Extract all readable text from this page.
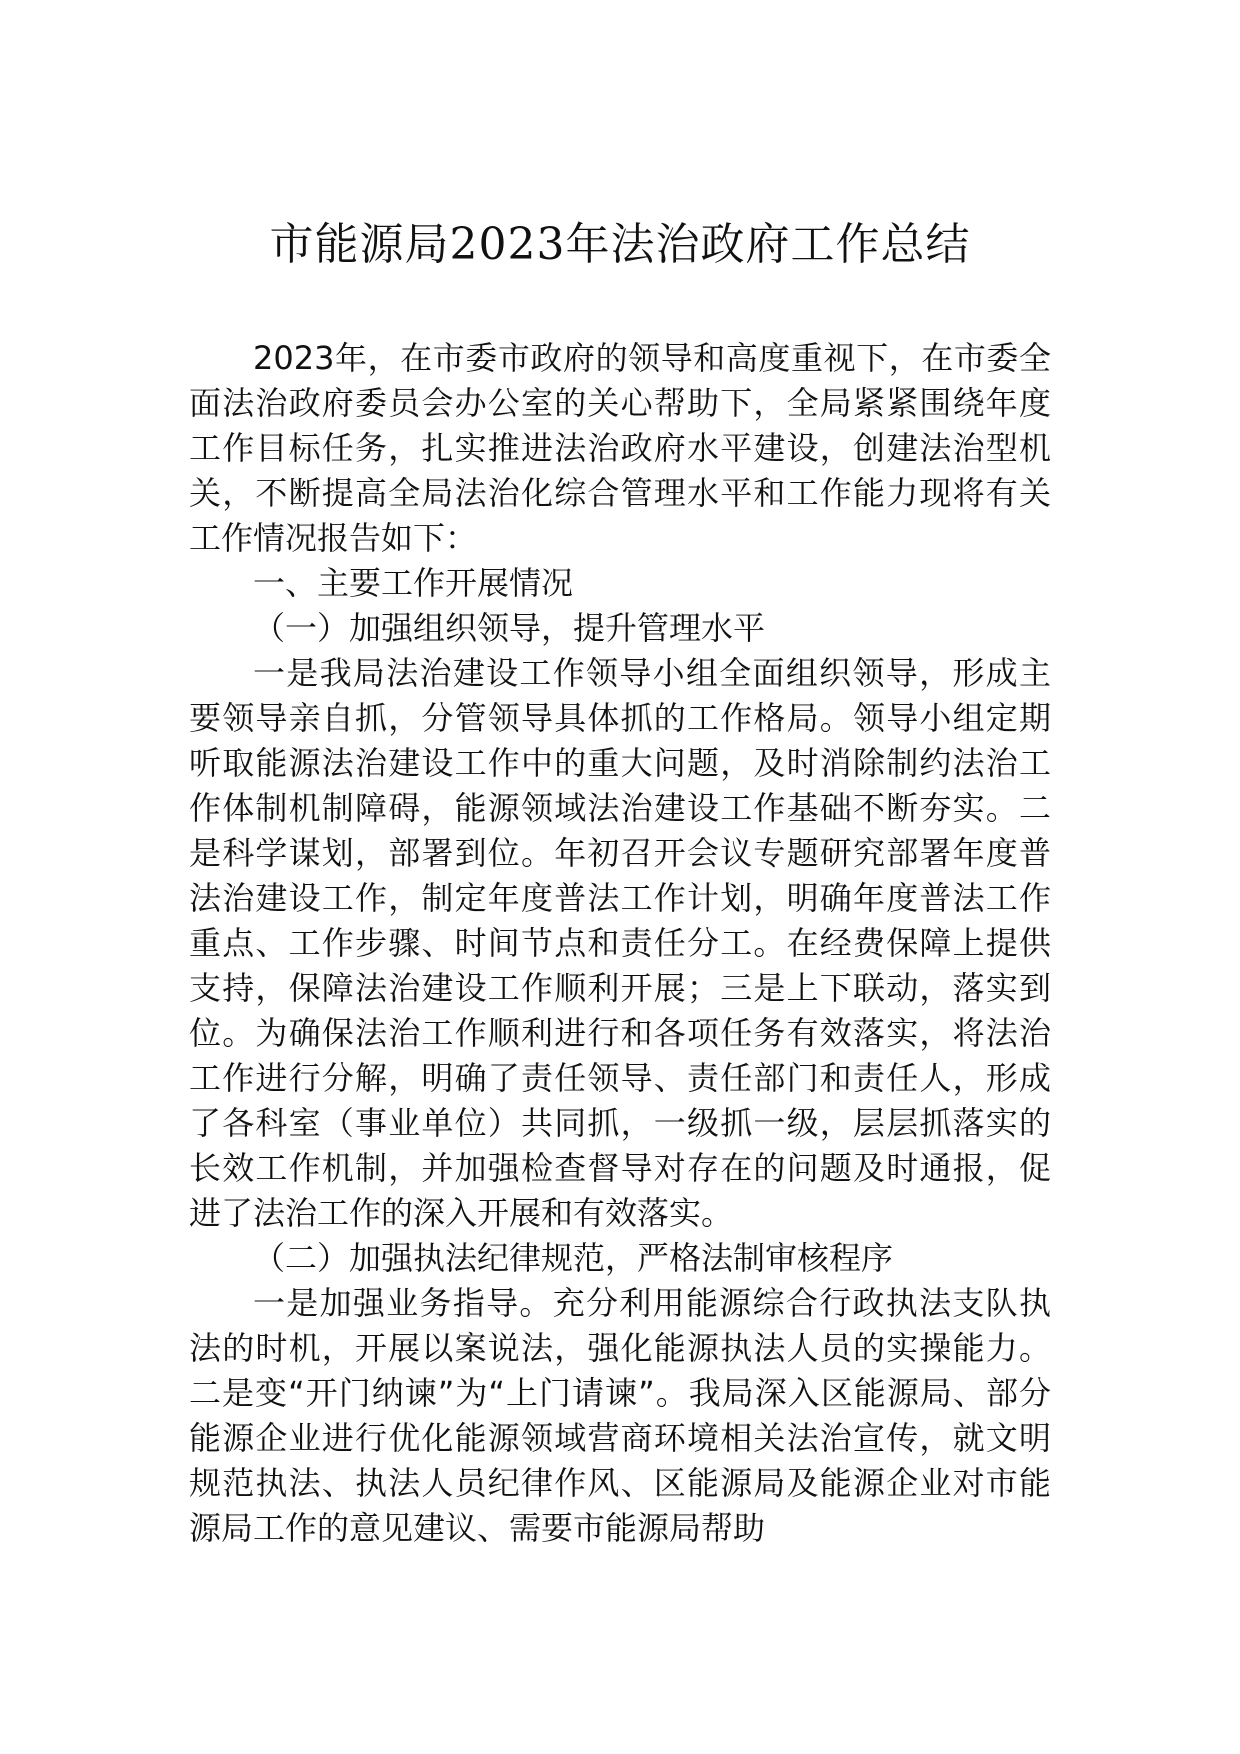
市能源局2023年法治政府工作总结

2023年，在市委市政府的领导和高度重视下，在市委全面法治政府委员会办公室的关心帮助下，全局紧紧围绕年度工作目标任务，扎实推进法治政府水平建设，创建法治型机关，不断提高全局法治化综合管理水平和工作能力现将有关工作情况报告如下：

一、主要工作开展情况

（一）加强组织领导，提升管理水平

一是我局法治建设工作领导小组全面组织领导，形成主要领导亲自抓，分管领导具体抓的工作格局。领导小组定期听取能源法治建设工作中的重大问题，及时消除制约法治工作体制机制障碍，能源领域法治建设工作基础不断夯实。二是科学谋划，部署到位。年初召开会议专题研究部署年度普法治建设工作，制定年度普法工作计划，明确年度普法工作重点、工作步骤、时间节点和责任分工。在经费保障上提供支持，保障法治建设工作顺利开展；三是上下联动，落实到位。为确保法治工作顺利进行和各项任务有效落实，将法治工作进行分解，明确了责任领导、责任部门和责任人，形成了各科室（事业单位）共同抓，一级抓一级，层层抓落实的长效工作机制，并加强检查督导对存在的问题及时通报，促进了法治工作的深入开展和有效落实。

（二）加强执法纪律规范，严格法制审核程序

一是加强业务指导。充分利用能源综合行政执法支队执法的时机，开展以案说法，强化能源执法人员的实操能力。二是变“开门纳谏”为“上门请谏”。我局深入区能源局、部分能源企业进行优化能源领域营商环境相关法治宣传，就文明规范执法、执法人员纪律作风、区能源局及能源企业对市能源局工作的意见建议、需要市能源局帮助
